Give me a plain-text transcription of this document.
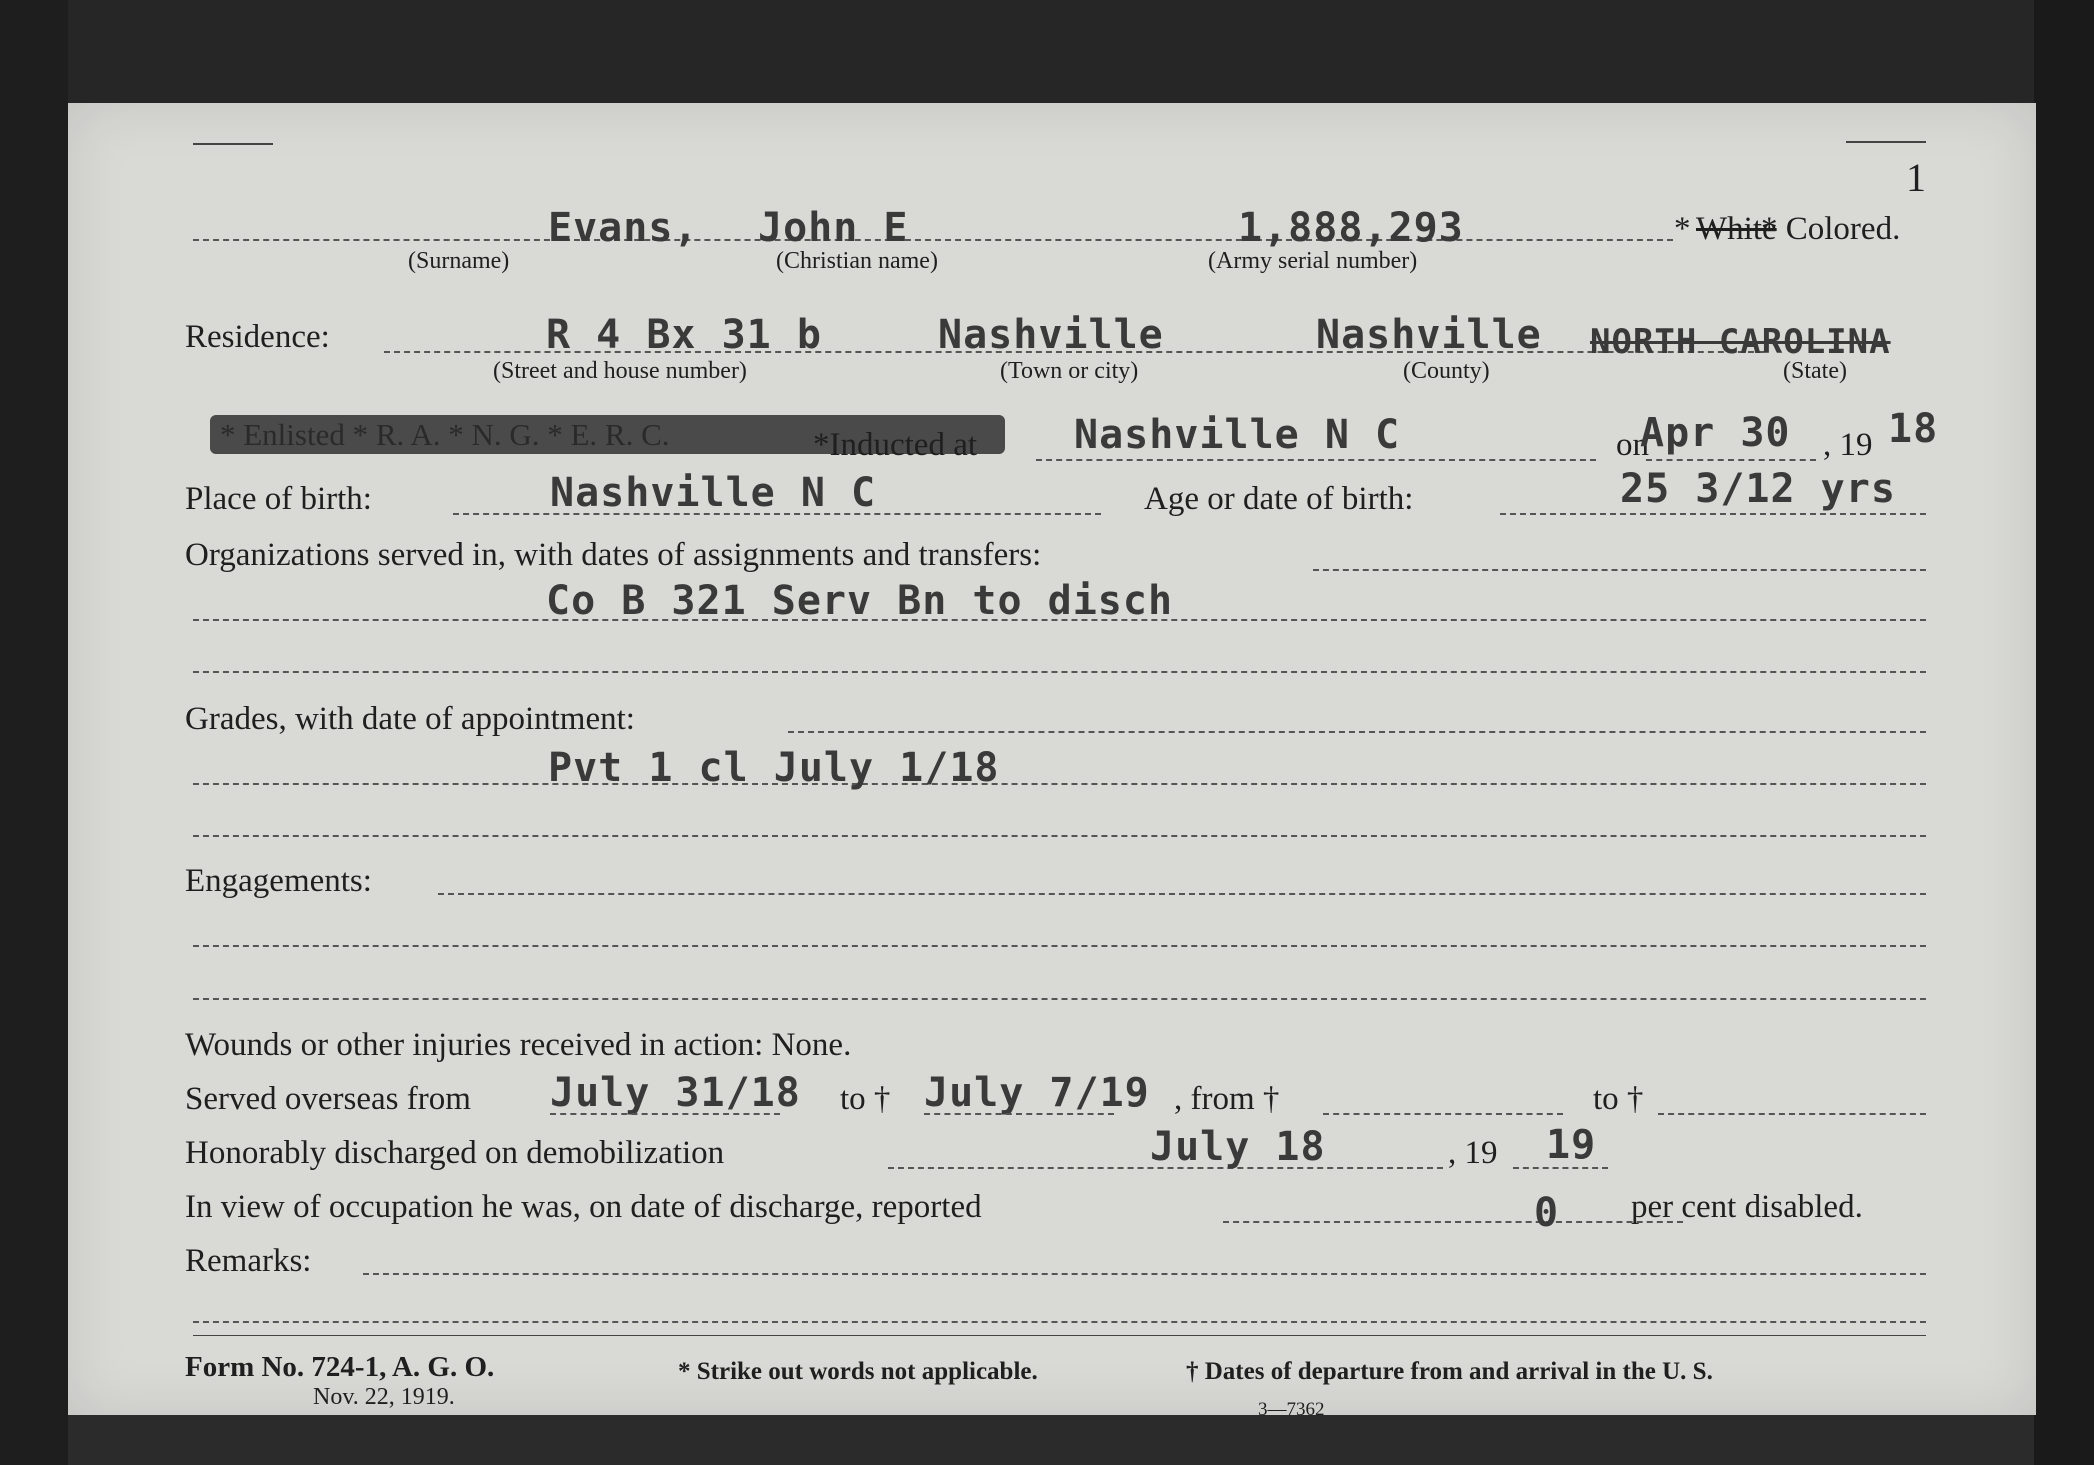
1
Evans, John E	1,888,293
(Surname)	(Christian name)	(Army serial number)
* White
* Colored.
Residence:	R 4 Bx 31 b	Nashville	Nashville NORTH CAROLINA
(Street and house number)	(Town or city)	(County)	(State)
* Enlisted * R. A. * N. G. * E. R. C.	*Inducted at Nashville N C	on
Apr 30 , 19 18
Place of birth:	Nashville N C	Age or date of birth:	25 3/12 yrs
Organizations served in, with dates of assignments and transfers:
Co B 321 Serv Bn to disch
Grades, with date of appointment:
Pvt 1 cl July 1/18
Engagements:
Wounds or other injuries received in action: None.
Served overseas from July 31/18 to † July 7/19 , from †	to †
Honorably discharged on demobilization	July 18	, 19 19
In view of occupation he was, on date of discharge, reported	0 per cent disabled.
Remarks:
Form No. 724-1, A. G. O.
Nov. 22, 1919.
* Strike out words not applicable.	† Dates of departure from and arrival in the U. S.
3—7362
